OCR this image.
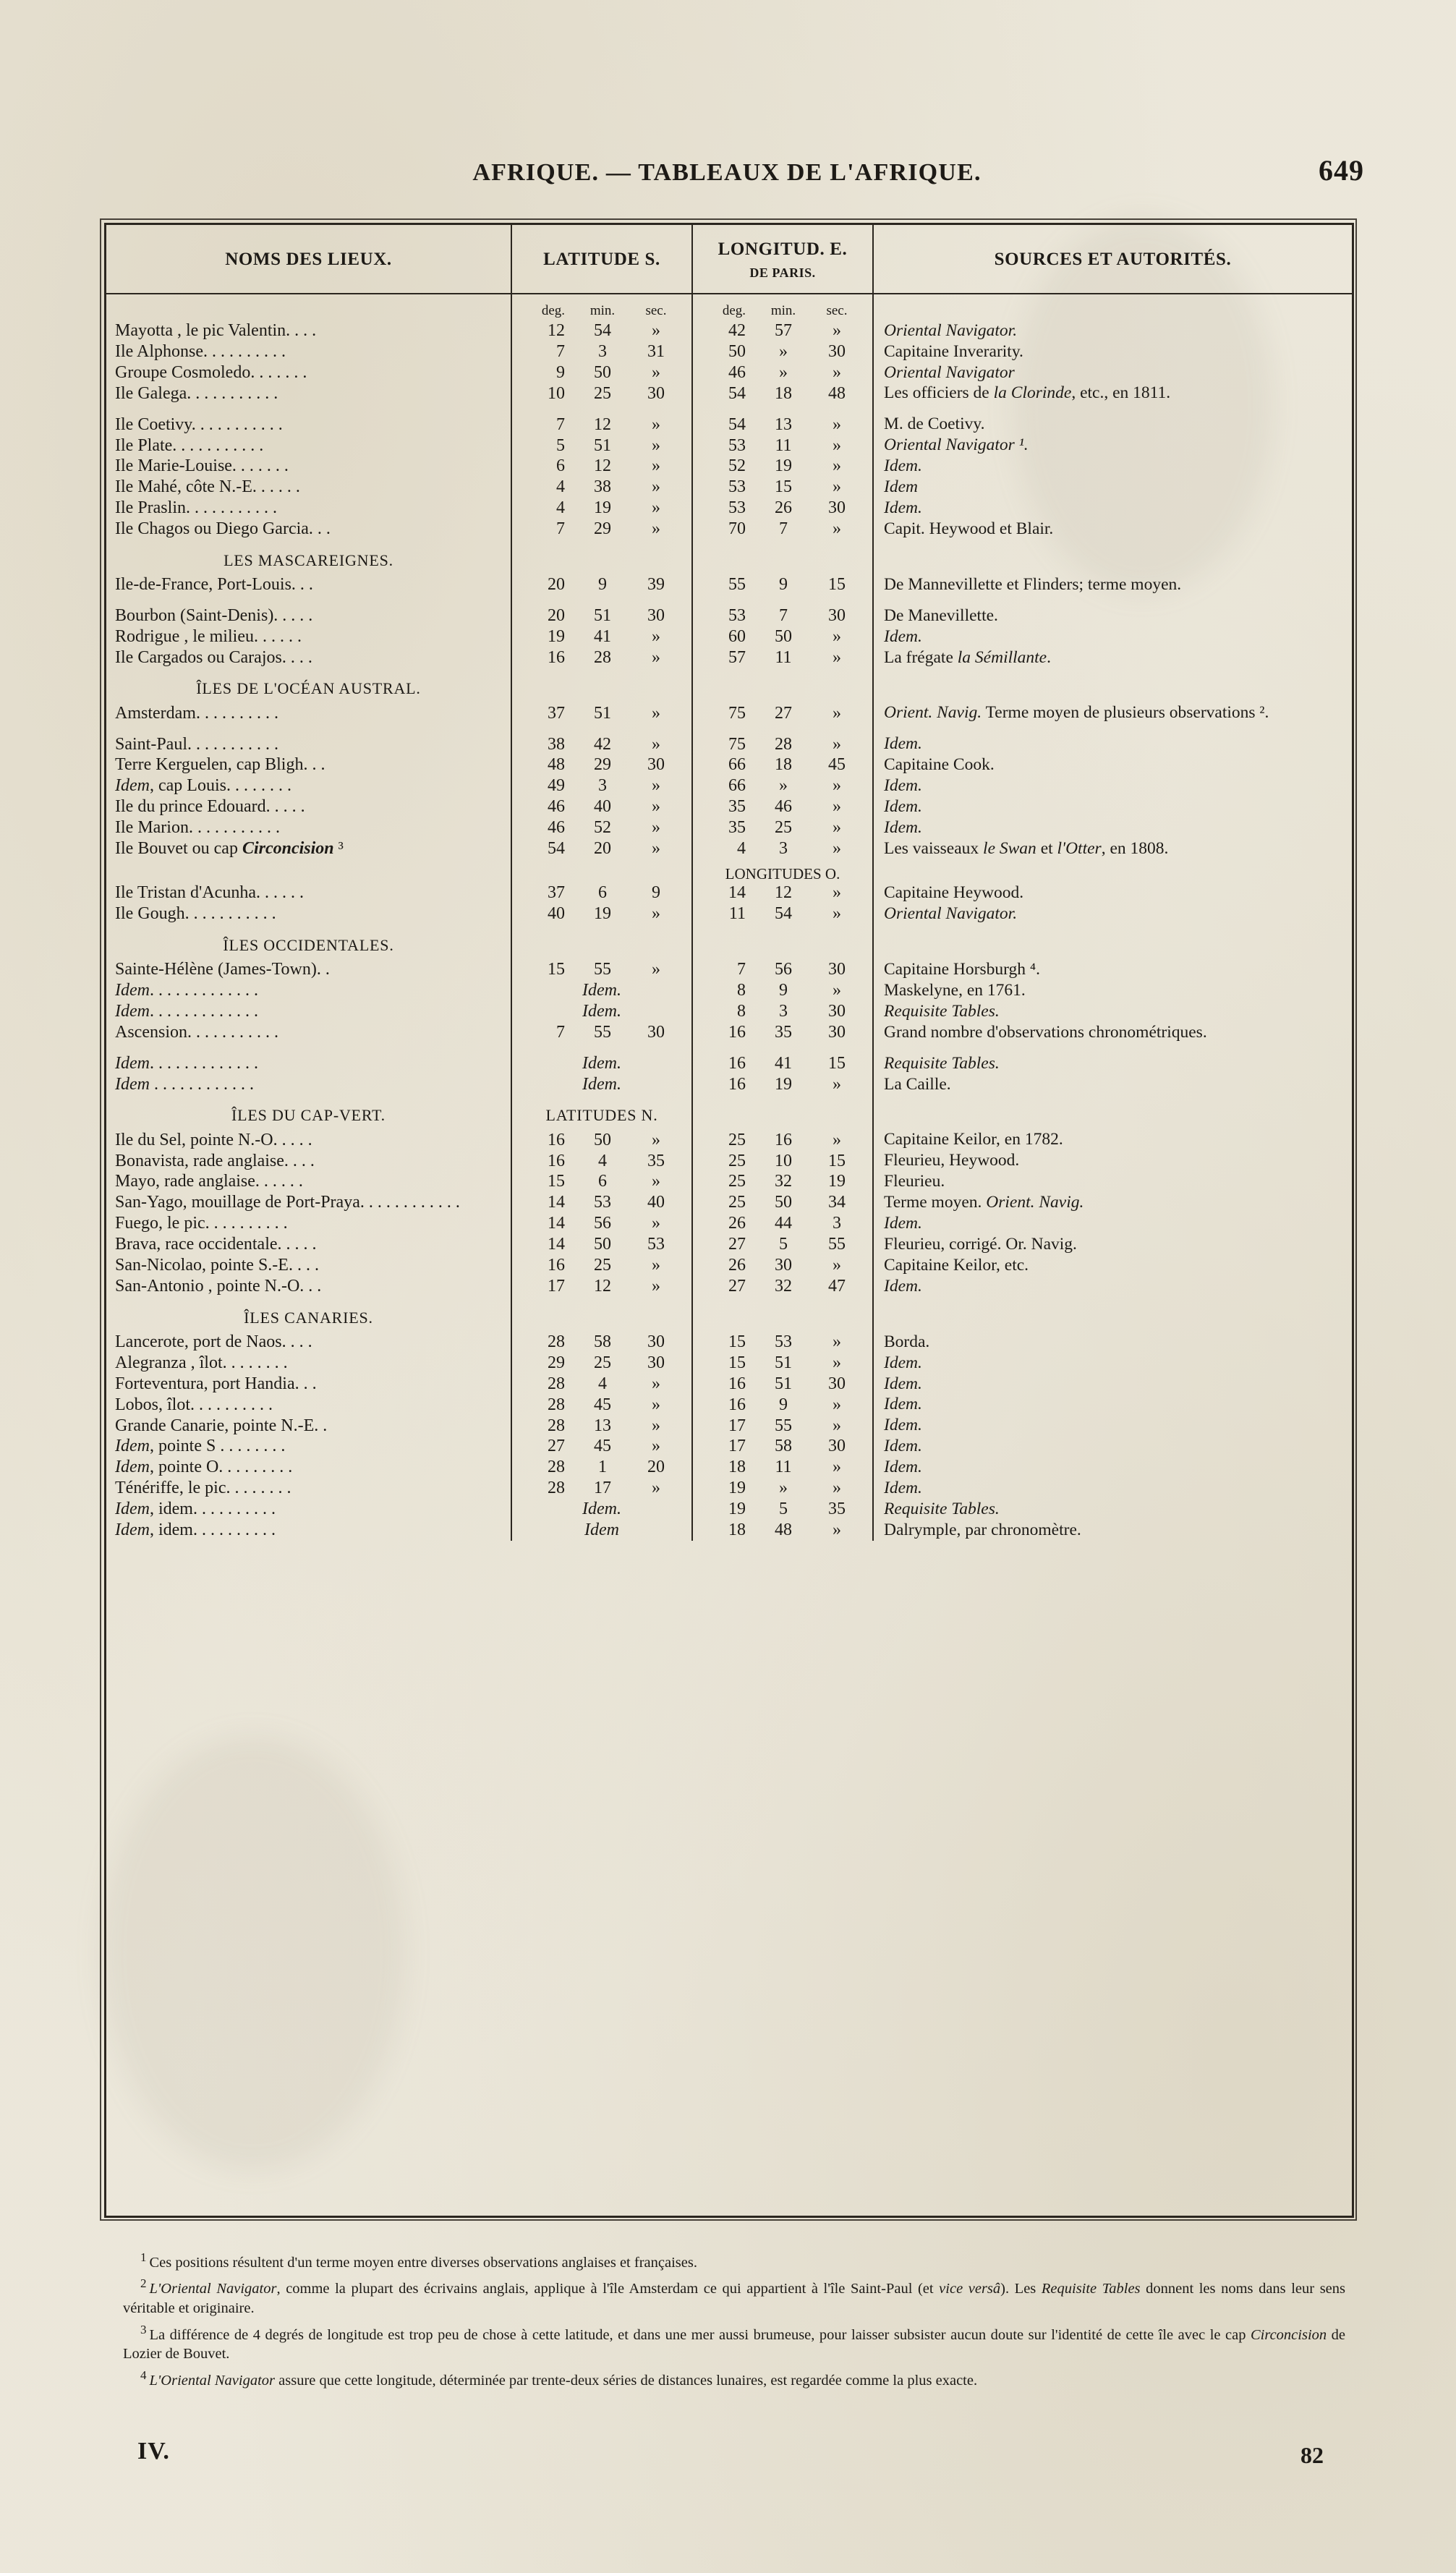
AFRIQUE. — TABLEAUX DE L'AFRIQUE.	649
NOMS DES LIEUX.	LATITUDE S.	LONGITUD. E.
DE PARIS.	SOURCES ET AUTORITÉS.

	deg. min. sec.	deg. min. sec.	

Mayotta , le pic Valentin. . . .	12 54 »	42 57 »	Oriental Navigator.
Ile Alphonse. . . . . . . . . .	7 3 31	50 » 30	Capitaine Inverarity.
Groupe Cosmoledo. . . . . . .	9 50 »	46 » »	Oriental Navigator
Ile Galega. . . . . . . . . . .	10 25 30	54 18 48	Les officiers de la Clorinde, etc., en 1811.
Ile Coetivy. . . . . . . . . . .	7 12 »	54 13 »	M. de Coetivy.
Ile Plate. . . . . . . . . . .	5 51 »	53 11 »	Oriental Navigator ¹.
Ile Marie-Louise. . . . . . .	6 12 »	52 19 »	Idem.
Ile Mahé, côte N.-E. . . . . .	4 38 »	53 15 »	Idem
Ile Praslin. . . . . . . . . . .	4 19 »	53 26 30	Idem.
Ile Chagos ou Diego Garcia. . .	7 29 »	70 7 »	Capit. Heywood et Blair.
LES MASCAREIGNES.			
Ile-de-France, Port-Louis. . .	20 9 39	55 9 15	De Mannevillette et Flinders; terme moyen.
Bourbon (Saint-Denis). . . . .	20 51 30	53 7 30	De Manevillette.
Rodrigue , le milieu. . . . . .	19 41 »	60 50 »	Idem.
Ile Cargados ou Carajos. . . .	16 28 »	57 11 »	La frégate la Sémillante.
ÎLES DE L'OCÉAN AUSTRAL.			
Amsterdam. . . . . . . . . .	37 51 »	75 27 »	Orient. Navig. Terme moyen de plusieurs observations ².
Saint-Paul. . . . . . . . . . .	38 42 »	75 28 »	Idem.
Terre Kerguelen, cap Bligh. . .	48 29 30	66 18 45	Capitaine Cook.
Idem, cap Louis. . . . . . . .	49 3 »	66 » »	Idem.
Ile du prince Edouard. . . . .	46 40 »	35 46 »	Idem.
Ile Marion. . . . . . . . . . .	46 52 »	35 25 »	Idem.
Ile Bouvet ou cap Circoncision ³	54 20 »	4 3 »	Les vaisseaux le Swan et l'Otter, en 1808.
		LONGITUDES O.	
Ile Tristan d'Acunha. . . . . .	37 6 9	14 12 »	Capitaine Heywood.
Ile Gough. . . . . . . . . . .	40 19 »	11 54 »	Oriental Navigator.
ÎLES OCCIDENTALES.			
Sainte-Hélène (James-Town). .	15 55 »	7 56 30	Capitaine Horsburgh ⁴.
Idem. . . . . . . . . . . . .	Idem.	8 9 »	Maskelyne, en 1761.
Idem. . . . . . . . . . . . .	Idem.	8 3 30	Requisite Tables.
Ascension. . . . . . . . . . .	7 55 30	16 35 30	Grand nombre d'observations chronométriques.
Idem. . . . . . . . . . . . .	Idem.	16 41 15	Requisite Tables.
Idem . . . . . . . . . . . .	Idem.	16 19 »	La Caille.
ÎLES DU CAP-VERT.	LATITUDES N.		
Ile du Sel, pointe N.-O. . . . .	16 50 »	25 16 »	Capitaine Keilor, en 1782.
Bonavista, rade anglaise. . . .	16 4 35	25 10 15	Fleurieu, Heywood.
Mayo, rade anglaise. . . . . .	15 6 »	25 32 19	Fleurieu.
San-Yago, mouillage de Port-Praya. . . . . . . . . . . .	14 53 40	25 50 34	Terme moyen. Orient. Navig.
Fuego, le pic. . . . . . . . . .	14 56 »	26 44 3	Idem.
Brava, race occidentale. . . . .	14 50 53	27 5 55	Fleurieu, corrigé. Or. Navig.
San-Nicolao, pointe S.-E. . . .	16 25 »	26 30 »	Capitaine Keilor, etc.
San-Antonio , pointe N.-O. . .	17 12 »	27 32 47	Idem.
ÎLES CANARIES.			
Lancerote, port de Naos. . . .	28 58 30	15 53 »	Borda.
Alegranza , îlot. . . . . . . .	29 25 30	15 51 »	Idem.
Forteventura, port Handia. . .	28 4 »	16 51 30	Idem.
Lobos, îlot. . . . . . . . . .	28 45 »	16 9 »	Idem.
Grande Canarie, pointe N.-E. .	28 13 »	17 55 »	Idem.
Idem, pointe S . . . . . . . .	27 45 »	17 58 30	Idem.
Idem, pointe O. . . . . . . . .	28 1 20	18 11 »	Idem.
Ténériffe, le pic. . . . . . . .	28 17 »	19 » »	Idem.
Idem, idem. . . . . . . . . .	Idem.	19 5 35	Requisite Tables.
Idem, idem. . . . . . . . . .	Idem	18 48 »	Dalrymple, par chronomètre.

$^1$ Ces positions résultent d'un terme moyen entre diverses observations anglaises et françaises.

$^2$ L'Oriental Navigator, comme la plupart des écrivains anglais, applique à l'île Amsterdam ce qui appartient à l'île Saint-Paul (et vice versâ). Les Requisite Tables donnent les noms dans leur sens véritable et originaire.

$^3$ La différence de 4 degrés de longitude est trop peu de chose à cette latitude, et dans une mer aussi brumeuse, pour laisser subsister aucun doute sur l'identité de cette île avec le cap Circoncision de Lozier de Bouvet.

$^4$ L'Oriental Navigator assure que cette longitude, déterminée par trente-deux séries de distances lunaires, est regardée comme la plus exacte.

IV.	82
